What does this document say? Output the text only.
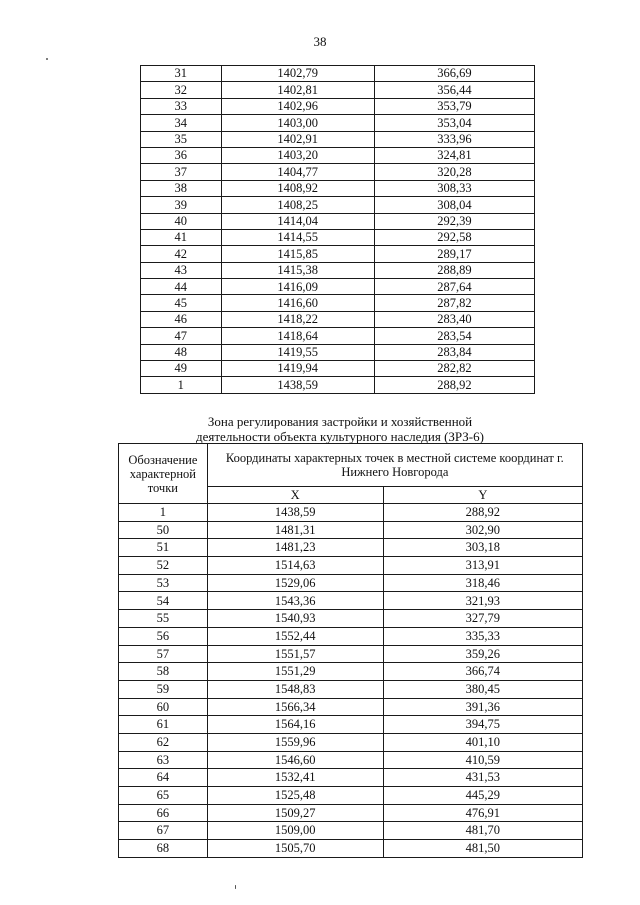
38
31	1402,79	366,69
32	1402,81	356,44
33	1402,96	353,79
34	1403,00	353,04
35	1402,91	333,96
36	1403,20	324,81
37	1404,77	320,28
38	1408,92	308,33
39	1408,25	308,04
40	1414,04	292,39
41	1414,55	292,58
42	1415,85	289,17
43	1415,38	288,89
44	1416,09	287,64
45	1416,60	287,82
46	1418,22	283,40
47	1418,64	283,54
48	1419,55	283,84
49	1419,94	282,82
1	1438,59	288,92
Зона регулирования застройки и хозяйственной
деятельности объекта культурного наследия (ЗРЗ-6)
Обозначение характерной точки	Координаты характерных точек в местной системе координат г. Нижнего Новгорода	
	X	Y
1	1438,59	288,92
50	1481,31	302,90
51	1481,23	303,18
52	1514,63	313,91
53	1529,06	318,46
54	1543,36	321,93
55	1540,93	327,79
56	1552,44	335,33
57	1551,57	359,26
58	1551,29	366,74
59	1548,83	380,45
60	1566,34	391,36
61	1564,16	394,75
62	1559,96	401,10
63	1546,60	410,59
64	1532,41	431,53
65	1525,48	445,29
66	1509,27	476,91
67	1509,00	481,70
68	1505,70	481,50
